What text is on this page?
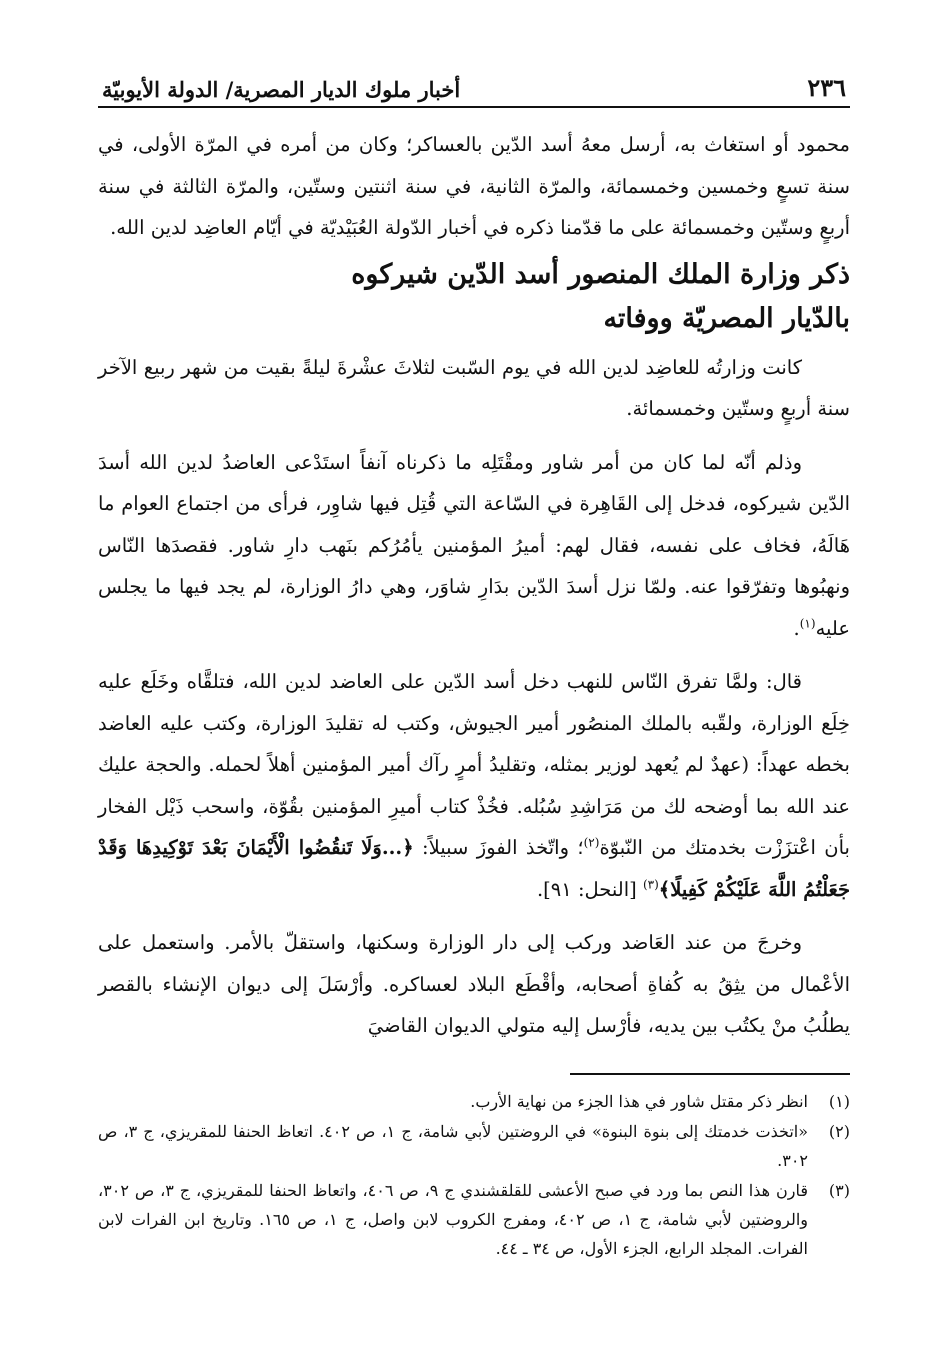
٢٣٦
أخبار ملوك الديار المصرية/ الدولة الأيوبيّة

محمود أو استغاث به، أرسل معهُ أسد الدّين بالعساكر؛ وكان من أمره في المرّة الأولى، في سنة تسعٍ وخمسين وخمسمائة، والمرّة الثانية، في سنة اثنتين وستّين، والمرّة الثالثة في سنة أربعٍ وستّين وخمسمائة على ما قدّمنا ذكره في أخبار الدّولة العُبَيْديّة في أيّام العاضِد لدين الله.

ذكر وزارة الملك المنصور أسد الدّين شيركوه
بالدّيار المصريّة ووفاته

كانت وزارتُه للعاضِد لدين الله في يوم السّبت لثلاثَ عشْرةَ ليلةً بقيت من شهر ربيع الآخر سنة أربعٍ وستّين وخمسمائة.

وذلم أنّه لما كان من أمر شاور ومقْتَلِه ما ذكرناه آنفاً استَدْعى العاضدُ لدين الله أسدَ الدّين شيركوه، فدخل إلى القَاهِرة في السّاعة التي قُتِل فيها شاوِر، فرأى من اجتماع العوام ما هَالَهُ، فخاف على نفسه، فقال لهم: أميرُ المؤمنين يأمُرُكم بنَهب دارِ شاور. فقصدَها النّاس ونهبُوها وتفرّقوا عنه. ولمّا نزل أسدَ الدّين بدَارِ شاوَر، وهي دارُ الوزارة، لم يجد فيها ما يجلس عليه$^{(١)}$.

قال: ولمَّا تفرق النّاس للنهب دخل أسد الدّين على العاضد لدين الله، فتلقَّاه وخَلَع عليه خِلَع الوزارة، ولقّبه بالملك المنصُور أمير الجيوش، وكتب له تقليدَ الوزارة، وكتب عليه العاضد بخطه عهداً: (عهدٌ لم يُعهد لوزير بمثله، وتقليدُ أمرٍ رآك أمير المؤمنين أهلاً لحمله. والحجة عليك عند الله بما أوضحه لك من مَرَاشِدِ سُبُله. فخُذْ كتاب أميرِ المؤمنين بقُوّة، واسحب ذَيْل الفخار بأن اعْتزَزْت بخدمتك من النّبوّة$^{(٢)}$؛ واتّخذ الفوزَ سبيلاً: ﴿...وَلَا تَنقُضُوا الْأَيْمَانَ بَعْدَ تَوْكِيدِهَا وَقَدْ جَعَلْتُمُ اللَّهَ عَلَيْكُمْ كَفِيلًا﴾$^{(٣)}$ [النحل: ٩١].

وخرجَ من عند العَاضد وركب إلى دار الوزارة وسكنها، واستقلّ بالأمر. واستعمل على الأعْمال من يثِقُ به كُفاةِ أصحابه، وأقْطَع البلاد لعساكره. وأرْسَلَ إلى ديوان الإنشاء بالقصر يطلُبُ منْ يكتُب بين يديه، فأرْسل إليه متولي الديوان القاضيَ

(١)
انظر ذكر مقتل شاور في هذا الجزء من نهاية الأرب.
(٢)
«اتخذت خدمتك إلى بنوة البنوة» في الروضتين لأبي شامة، ج ١، ص ٤٠٢. اتعاظ الحنفا للمقريزي، ج ٣، ص ٣٠٢.
(٣)
قارن هذا النص بما ورد في صبح الأعشى للقلقشندي ج ٩، ص ٤٠٦، واتعاظ الحنفا للمقريزي، ج ٣، ص ٣٠٢، والروضتين لأبي شامة، ج ١، ص ٤٠٢، ومفرج الكروب لابن واصل، ج ١، ص ١٦٥. وتاريخ ابن الفرات لابن الفرات. المجلد الرابع، الجزء الأول، ص ٣٤ ـ ٤٤.
